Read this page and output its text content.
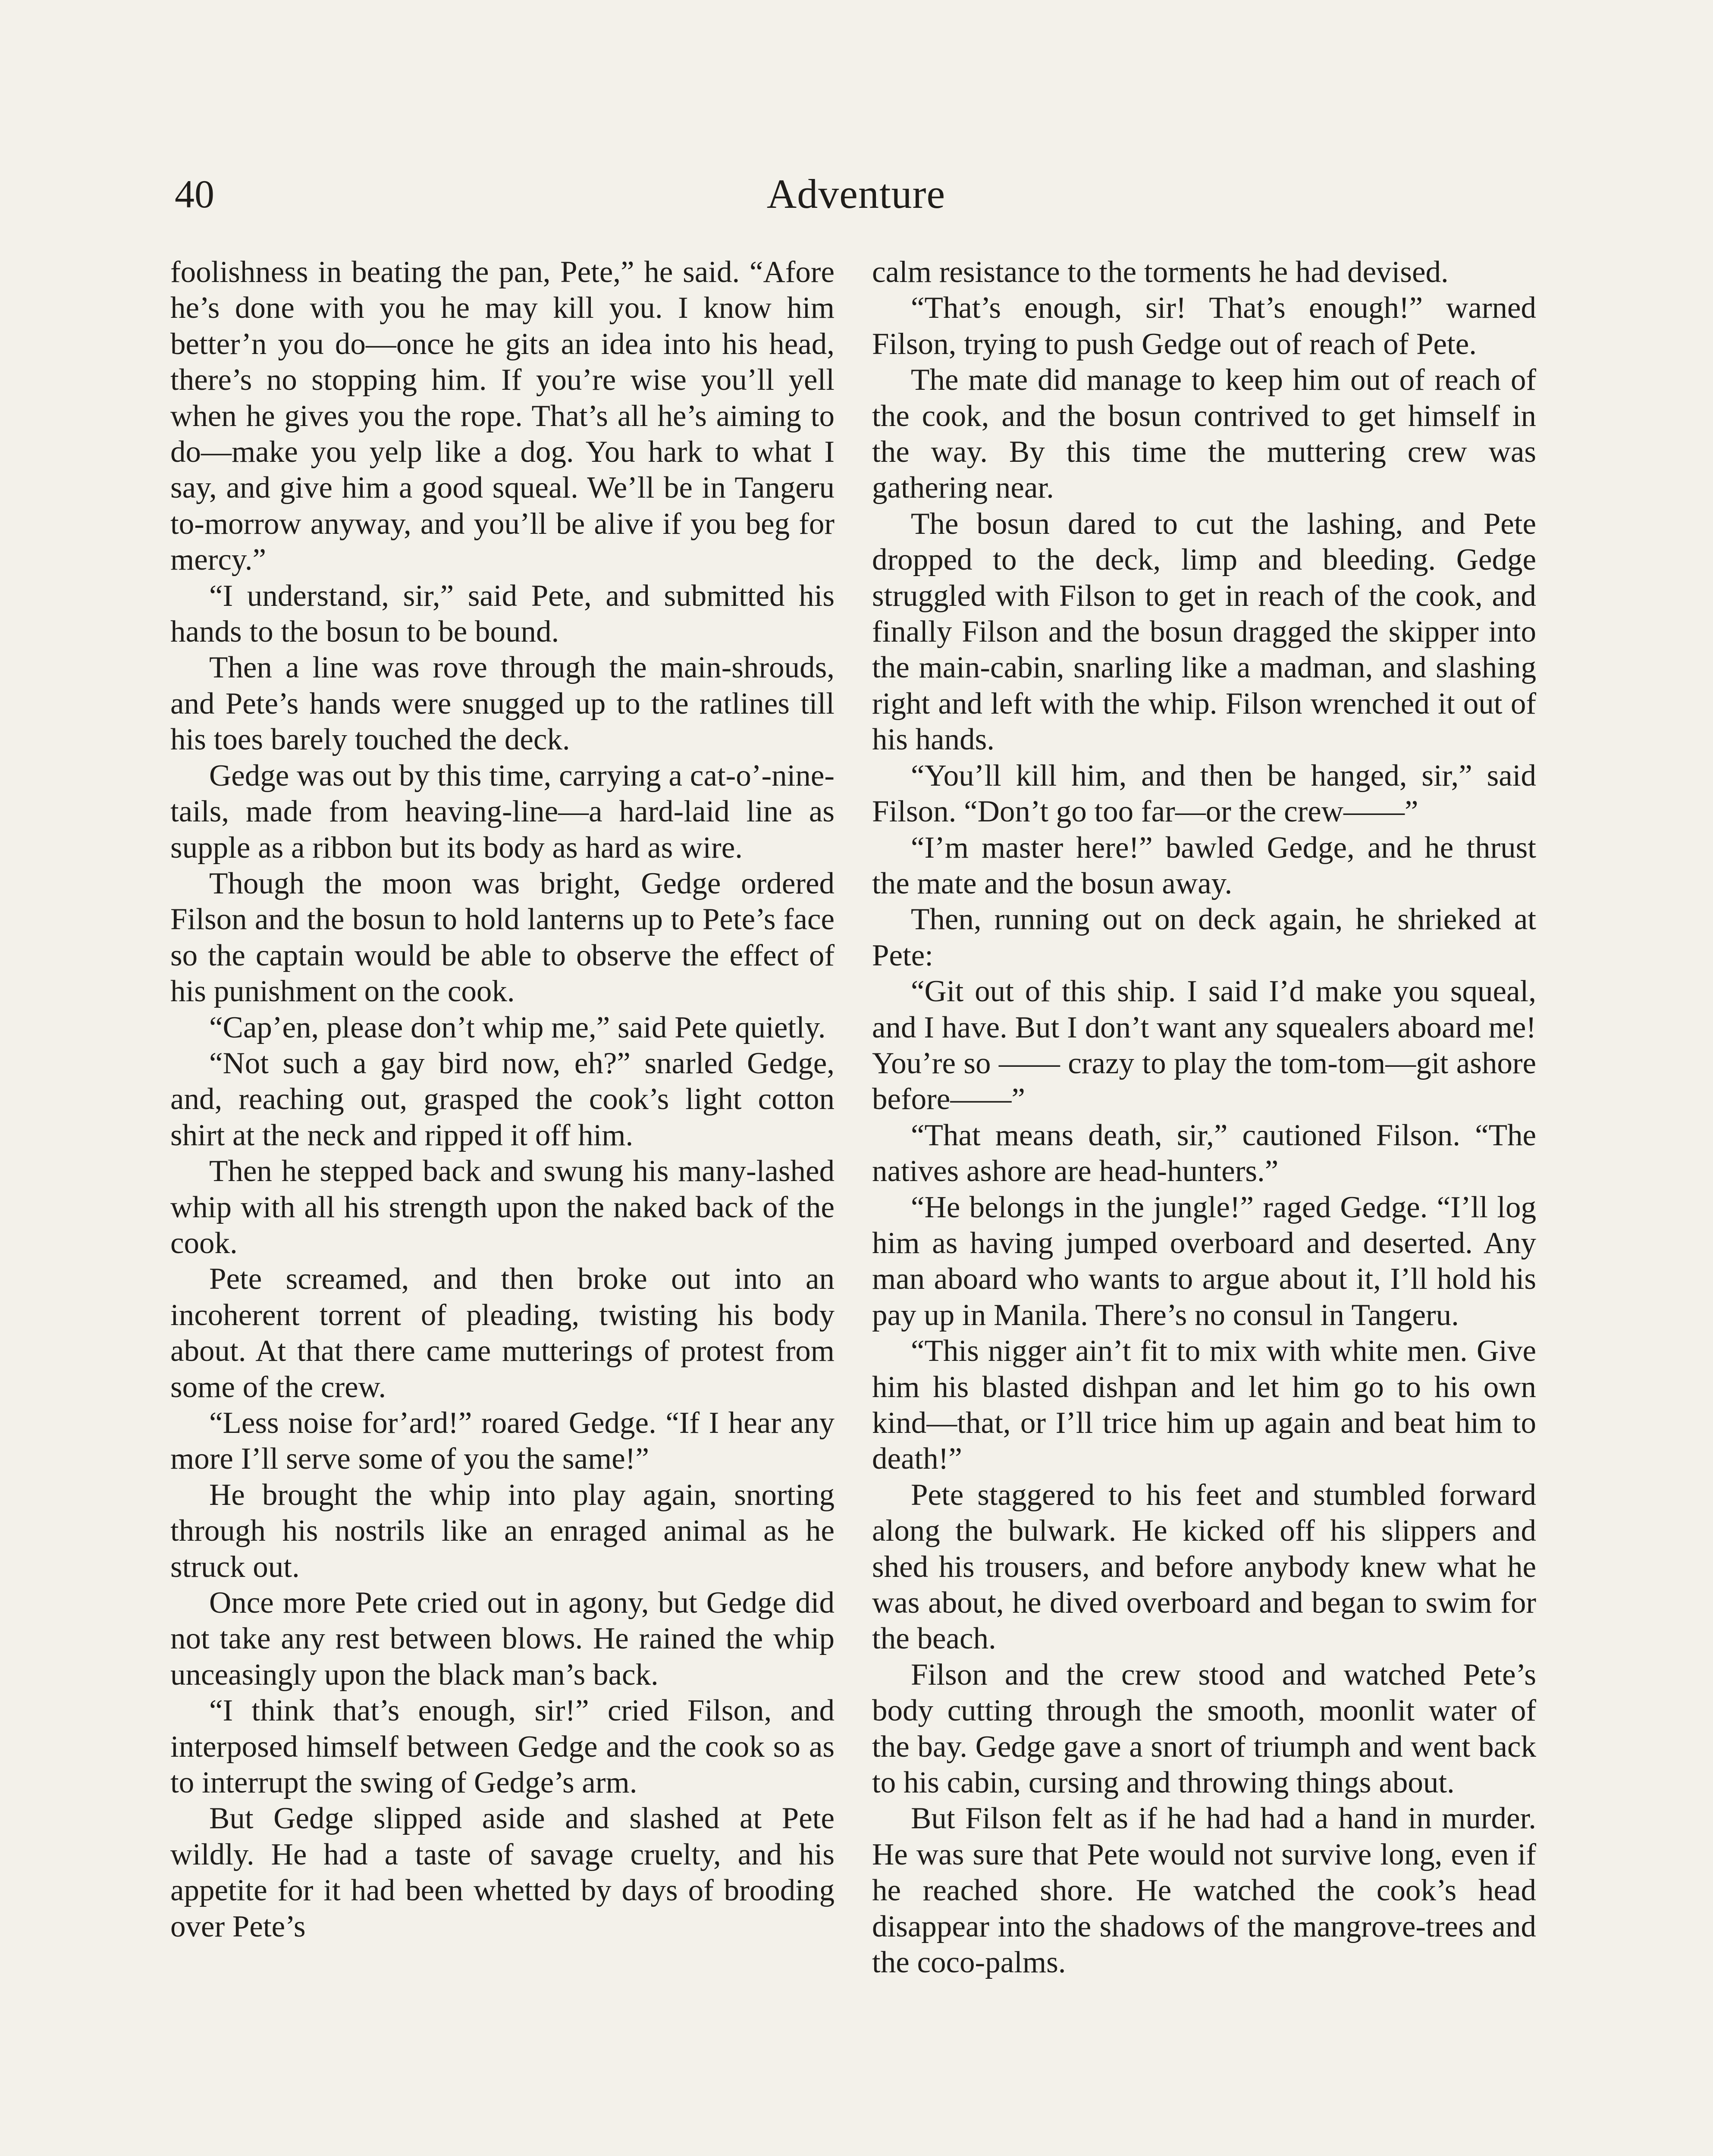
40	Adventure

foolishness in beating the pan, Pete,” he said. “Afore he’s done with you he may kill you. I know him better’n you do—once he gits an idea into his head, there’s no stopping him. If you’re wise you’ll yell when he gives you the rope. That’s all he’s aiming to do—make you yelp like a dog. You hark to what I say, and give him a good squeal. We’ll be in Tangeru to-morrow anyway, and you’ll be alive if you beg for mercy.”

“I understand, sir,” said Pete, and submitted his hands to the bosun to be bound.

Then a line was rove through the main-shrouds, and Pete’s hands were snugged up to the ratlines till his toes barely touched the deck.

Gedge was out by this time, carrying a cat-o’-nine-tails, made from heaving-line—a hard-laid line as supple as a ribbon but its body as hard as wire.

Though the moon was bright, Gedge ordered Filson and the bosun to hold lanterns up to Pete’s face so the captain would be able to observe the effect of his punishment on the cook.

“Cap’en, please don’t whip me,” said Pete quietly.

“Not such a gay bird now, eh?” snarled Gedge, and, reaching out, grasped the cook’s light cotton shirt at the neck and ripped it off him.

Then he stepped back and swung his many-lashed whip with all his strength upon the naked back of the cook.

Pete screamed, and then broke out into an incoherent torrent of pleading, twisting his body about. At that there came mutterings of protest from some of the crew.

“Less noise for’ard!” roared Gedge. “If I hear any more I’ll serve some of you the same!”

He brought the whip into play again, snorting through his nostrils like an enraged animal as he struck out.

Once more Pete cried out in agony, but Gedge did not take any rest between blows. He rained the whip unceasingly upon the black man’s back.

“I think that’s enough, sir!” cried Filson, and interposed himself between Gedge and the cook so as to interrupt the swing of Gedge’s arm.

But Gedge slipped aside and slashed at Pete wildly. He had a taste of savage cruelty, and his appetite for it had been whetted by days of brooding over Pete’s

calm resistance to the torments he had devised.

“That’s enough, sir! That’s enough!” warned Filson, trying to push Gedge out of reach of Pete.

The mate did manage to keep him out of reach of the cook, and the bosun contrived to get himself in the way. By this time the muttering crew was gathering near.

The bosun dared to cut the lashing, and Pete dropped to the deck, limp and bleeding. Gedge struggled with Filson to get in reach of the cook, and finally Filson and the bosun dragged the skipper into the main-cabin, snarling like a madman, and slashing right and left with the whip. Filson wrenched it out of his hands.

“You’ll kill him, and then be hanged, sir,” said Filson. “Don’t go too far—or the crew——”

“I’m master here!” bawled Gedge, and he thrust the mate and the bosun away.

Then, running out on deck again, he shrieked at Pete:

“Git out of this ship. I said I’d make you squeal, and I have. But I don’t want any squealers aboard me! You’re so —— crazy to play the tom-tom—git ashore before——”

“That means death, sir,” cautioned Filson. “The natives ashore are head-hunters.”

“He belongs in the jungle!” raged Gedge. “I’ll log him as having jumped overboard and deserted. Any man aboard who wants to argue about it, I’ll hold his pay up in Manila. There’s no consul in Tangeru.

“This nigger ain’t fit to mix with white men. Give him his blasted dishpan and let him go to his own kind—that, or I’ll trice him up again and beat him to death!”

Pete staggered to his feet and stumbled forward along the bulwark. He kicked off his slippers and shed his trousers, and before anybody knew what he was about, he dived overboard and began to swim for the beach.

Filson and the crew stood and watched Pete’s body cutting through the smooth, moonlit water of the bay. Gedge gave a snort of triumph and went back to his cabin, cursing and throwing things about.

But Filson felt as if he had had a hand in murder. He was sure that Pete would not survive long, even if he reached shore. He watched the cook’s head disappear into the shadows of the mangrove-trees and the coco-palms.
